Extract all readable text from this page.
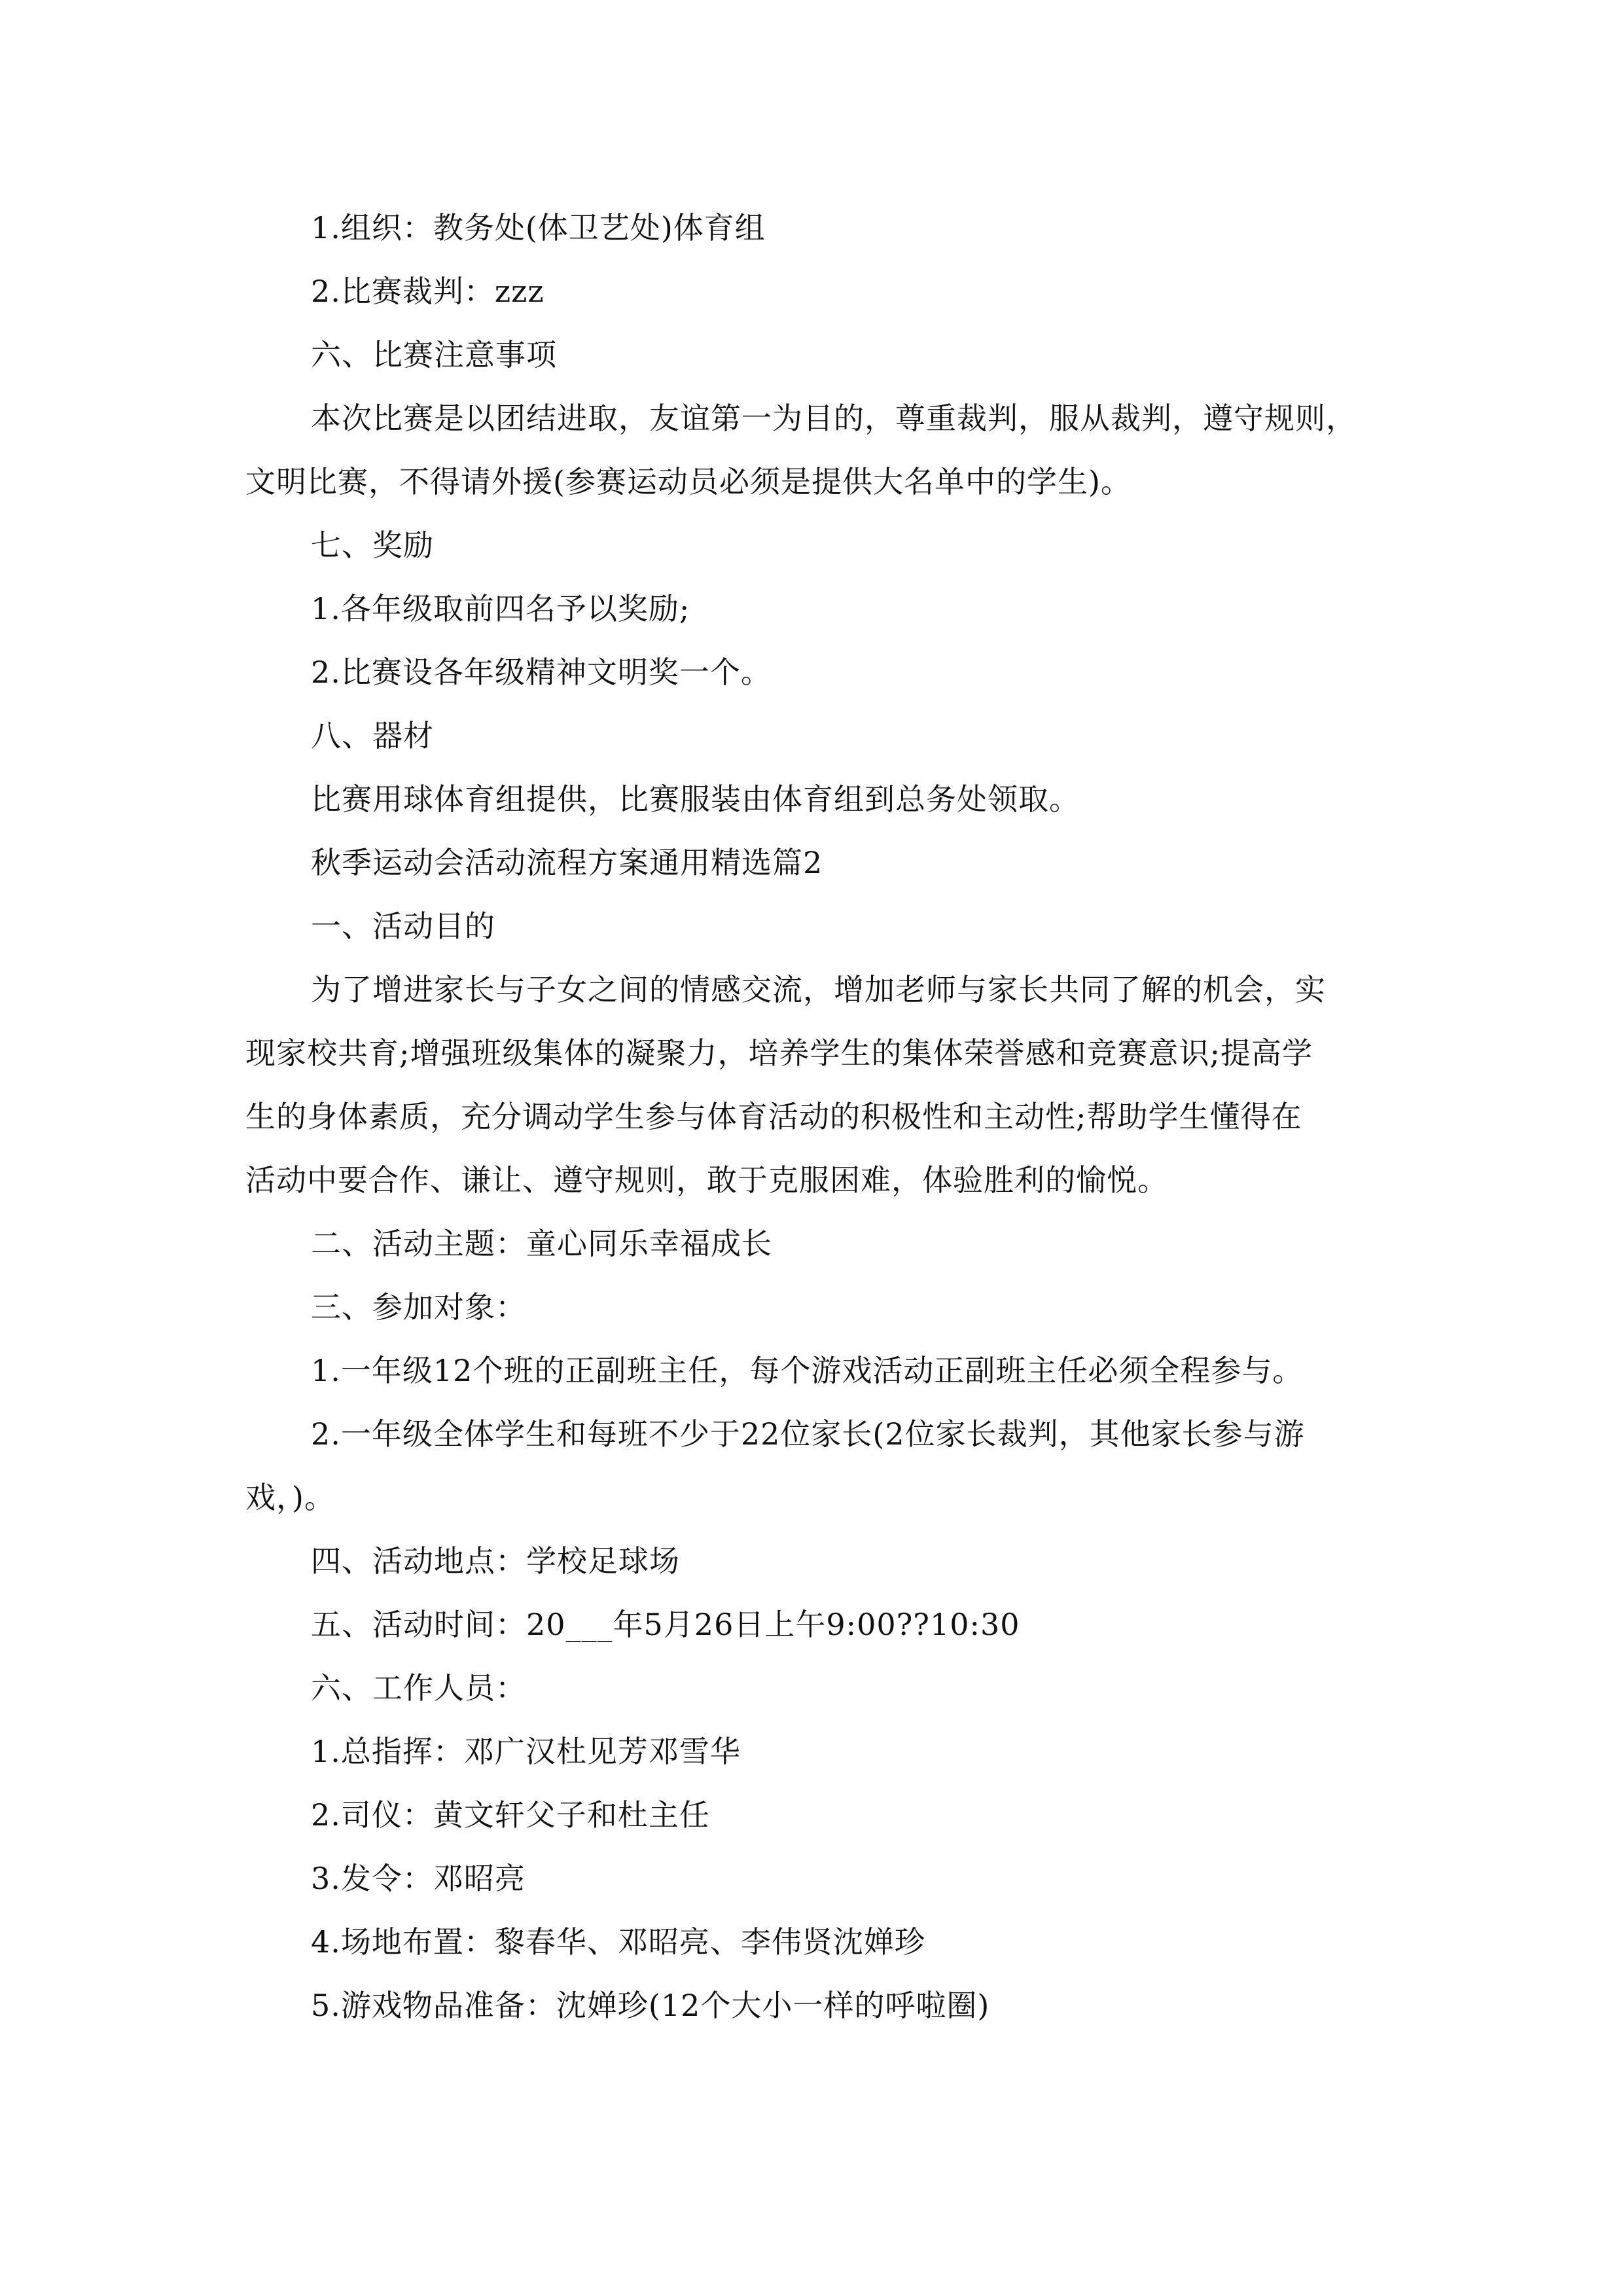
1.组织：教务处(体卫艺处)体育组
2.比赛裁判：zzz
六、比赛注意事项
本次比赛是以团结进取，友谊第一为目的，尊重裁判，服从裁判，遵守规则，
文明比赛，不得请外援(参赛运动员必须是提供大名单中的学生)。
七、奖励
1.各年级取前四名予以奖励;
2.比赛设各年级精神文明奖一个。
八、器材
比赛用球体育组提供，比赛服装由体育组到总务处领取。
秋季运动会活动流程方案通用精选篇2
一、活动目的
为了增进家长与子女之间的情感交流，增加老师与家长共同了解的机会，实
现家校共育;增强班级集体的凝聚力，培养学生的集体荣誉感和竞赛意识;提高学
生的身体素质，充分调动学生参与体育活动的积极性和主动性;帮助学生懂得在
活动中要合作、谦让、遵守规则，敢于克服困难，体验胜利的愉悦。
二、活动主题：童心同乐幸福成长
三、参加对象：
1.一年级12个班的正副班主任，每个游戏活动正副班主任必须全程参与。
2.一年级全体学生和每班不少于22位家长(2位家长裁判，其他家长参与游
戏，)。
四、活动地点：学校足球场
五、活动时间：20___年5月26日上午9:00??10:30
六、工作人员：
1.总指挥：邓广汉杜见芳邓雪华
2.司仪：黄文轩父子和杜主任
3.发令：邓昭亮
4.场地布置：黎春华、邓昭亮、李伟贤沈婵珍
5.游戏物品准备：沈婵珍(12个大小一样的呼啦圈)
